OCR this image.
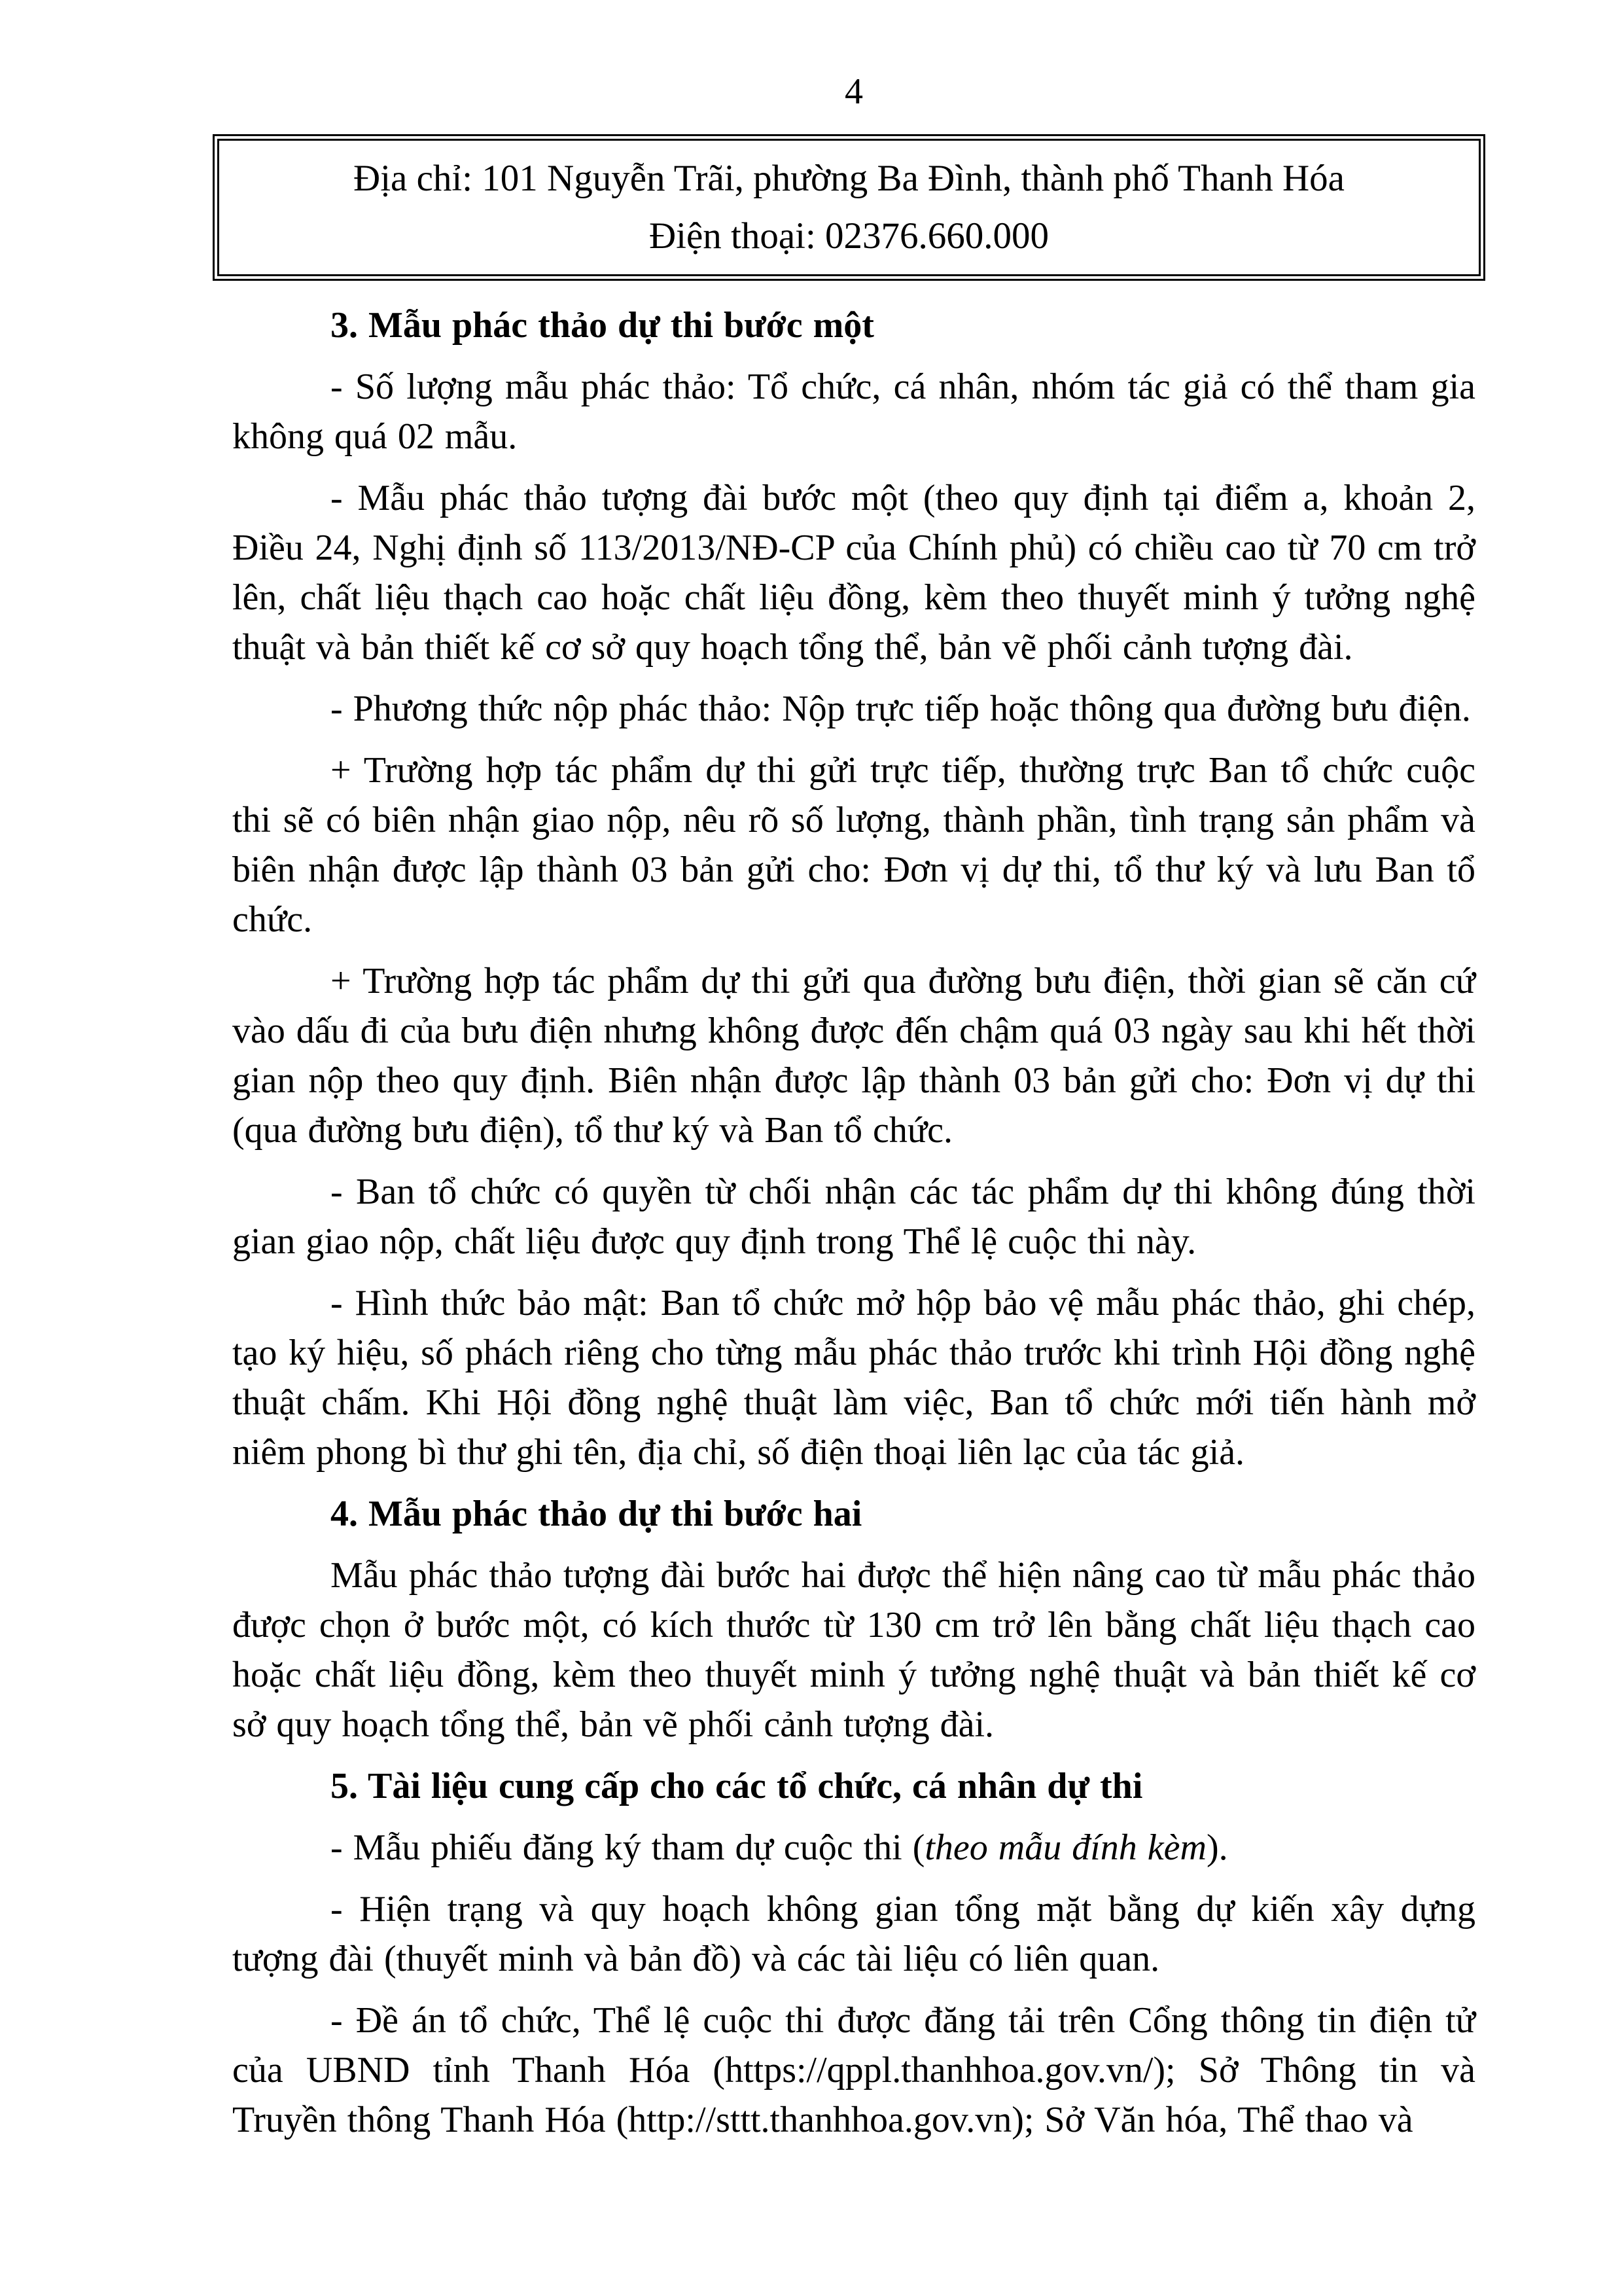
4
Địa chỉ: 101 Nguyễn Trãi, phường Ba Đình, thành phố Thanh Hóa
Điện thoại: 02376.660.000

3. Mẫu phác thảo dự thi bước một

- Số lượng mẫu phác thảo: Tổ chức, cá nhân, nhóm tác giả có thể tham gia không quá 02 mẫu.

- Mẫu phác thảo tượng đài bước một (theo quy định tại điểm a, khoản 2, Điều 24, Nghị định số 113/2013/NĐ-CP của Chính phủ) có chiều cao từ 70 cm trở lên, chất liệu thạch cao hoặc chất liệu đồng, kèm theo thuyết minh ý tưởng nghệ thuật và bản thiết kế cơ sở quy hoạch tổng thể, bản vẽ phối cảnh tượng đài.

- Phương thức nộp phác thảo: Nộp trực tiếp hoặc thông qua đường bưu điện.

+ Trường hợp tác phẩm dự thi gửi trực tiếp, thường trực Ban tổ chức cuộc thi sẽ có biên nhận giao nộp, nêu rõ số lượng, thành phần, tình trạng sản phẩm và biên nhận được lập thành 03 bản gửi cho: Đơn vị dự thi, tổ thư ký và lưu Ban tổ chức.

+ Trường hợp tác phẩm dự thi gửi qua đường bưu điện, thời gian sẽ căn cứ vào dấu đi của bưu điện nhưng không được đến chậm quá 03 ngày sau khi hết thời gian nộp theo quy định. Biên nhận được lập thành 03 bản gửi cho: Đơn vị dự thi (qua đường bưu điện), tổ thư ký và Ban tổ chức.

- Ban tổ chức có quyền từ chối nhận các tác phẩm dự thi không đúng thời gian giao nộp, chất liệu được quy định trong Thể lệ cuộc thi này.

- Hình thức bảo mật: Ban tổ chức mở hộp bảo vệ mẫu phác thảo, ghi chép, tạo ký hiệu, số phách riêng cho từng mẫu phác thảo trước khi trình Hội đồng nghệ thuật chấm. Khi Hội đồng nghệ thuật làm việc, Ban tổ chức mới tiến hành mở niêm phong bì thư ghi tên, địa chỉ, số điện thoại liên lạc của tác giả.

4. Mẫu phác thảo dự thi bước hai

Mẫu phác thảo tượng đài bước hai được thể hiện nâng cao từ mẫu phác thảo được chọn ở bước một, có kích thước từ 130 cm trở lên bằng chất liệu thạch cao hoặc chất liệu đồng, kèm theo thuyết minh ý tưởng nghệ thuật và bản thiết kế cơ sở quy hoạch tổng thể, bản vẽ phối cảnh tượng đài.

5. Tài liệu cung cấp cho các tổ chức, cá nhân dự thi

- Mẫu phiếu đăng ký tham dự cuộc thi (theo mẫu đính kèm).

- Hiện trạng và quy hoạch không gian tổng mặt bằng dự kiến xây dựng tượng đài (thuyết minh và bản đồ) và các tài liệu có liên quan.

- Đề án tổ chức, Thể lệ cuộc thi được đăng tải trên Cổng thông tin điện tử của UBND tỉnh Thanh Hóa (https://qppl.thanhhoa.gov.vn/); Sở Thông tin và Truyền thông Thanh Hóa (http://sttt.thanhhoa.gov.vn); Sở Văn hóa, Thể thao và
